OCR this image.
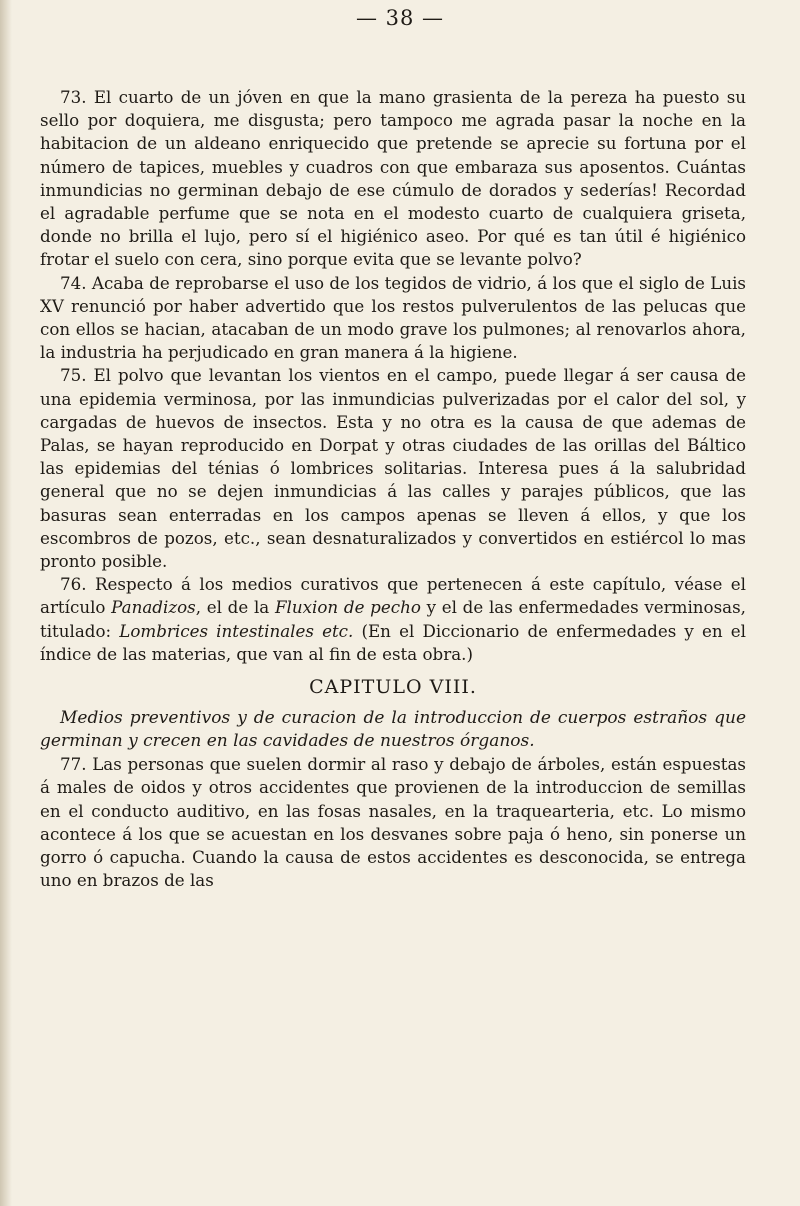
— 38 —

73. El cuarto de un jóven en que la mano grasienta de la pereza ha puesto su sello por doquiera, me disgusta; pero tampoco me agrada pasar la noche en la habitacion de un aldeano enriquecido que pretende se aprecie su fortuna por el número de tapices, muebles y cuadros con que embaraza sus aposentos. Cuántas inmundicias no germinan debajo de ese cúmulo de dorados y sederías! Recordad el agradable perfume que se nota en el modesto cuarto de cualquiera griseta, donde no brilla el lujo, pero sí el higiénico aseo. Por qué es tan útil é higiénico frotar el suelo con cera, sino porque evita que se levante polvo?

74. Acaba de reprobarse el uso de los tegidos de vidrio, á los que el siglo de Luis XV renunció por haber advertido que los restos pulverulentos de las pelucas que con ellos se hacian, atacaban de un modo grave los pulmones; al renovarlos ahora, la industria ha perjudicado en gran manera á la higiene.

75. El polvo que levantan los vientos en el campo, puede llegar á ser causa de una epidemia verminosa, por las inmundicias pulverizadas por el calor del sol, y cargadas de huevos de insectos. Esta y no otra es la causa de que ademas de Palas, se hayan reproducido en Dorpat y otras ciudades de las orillas del Báltico las epidemias del ténias ó lombrices solitarias. Interesa pues á la salubridad general que no se dejen inmundicias á las calles y parajes públicos, que las basuras sean enterradas en los campos apenas se lleven á ellos, y que los escombros de pozos, etc., sean desnaturalizados y convertidos en estiércol lo mas pronto posible.

76. Respecto á los medios curativos que pertenecen á este capítulo, véase el artículo Panadizos, el de la Fluxion de pecho y el de las enfermedades verminosas, titulado: Lombrices intestinales etc. (En el Diccionario de enfermedades y en el índice de las materias, que van al fin de esta obra.)

CAPITULO VIII.

Medios preventivos y de curacion de la introduccion de cuerpos estraños que germinan y crecen en las cavidades de nuestros órganos.

77. Las personas que suelen dormir al raso y debajo de árboles, están espuestas á males de oidos y otros accidentes que provienen de la introduccion de semillas en el conducto auditivo, en las fosas nasales, en la traquearteria, etc. Lo mismo acontece á los que se acuestan en los desvanes sobre paja ó heno, sin ponerse un gorro ó capucha. Cuando la causa de estos accidentes es desconocida, se entrega uno en brazos de las
